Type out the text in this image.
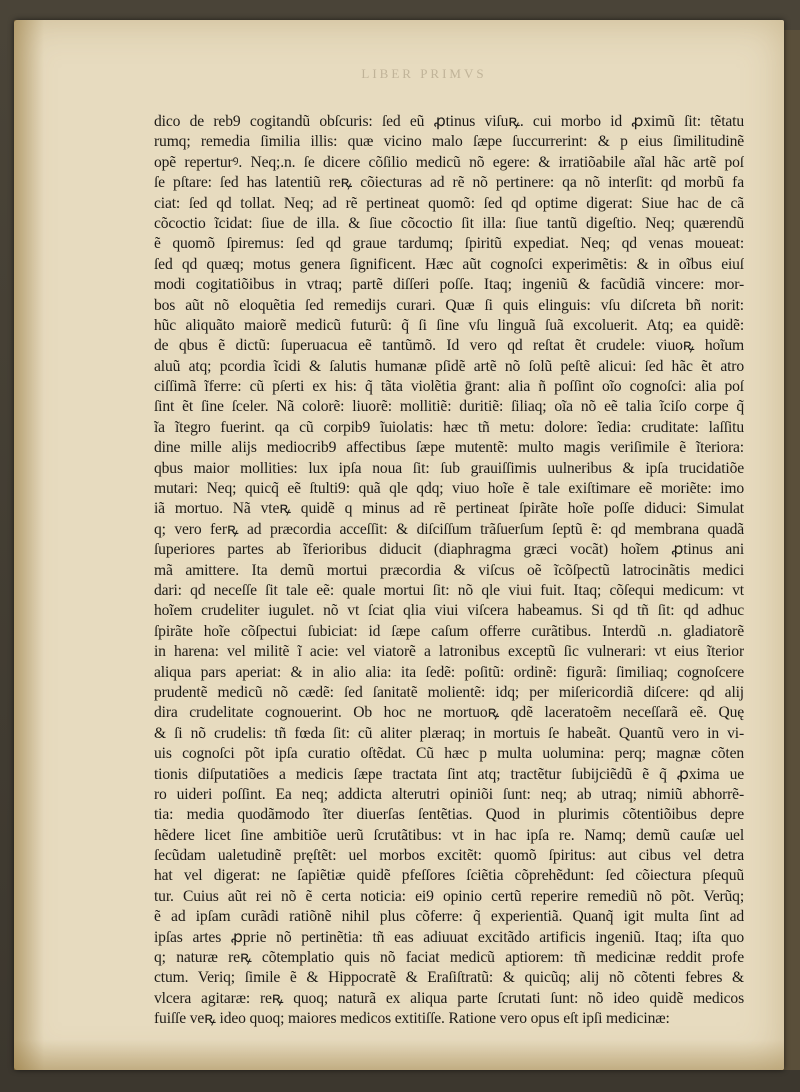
LIBER PRIMVS
dico de reb9 cogitandũ obſcuris: ſed eũ ꝓtinus viſuꝶ. cui morbo id ꝓximũ ſit: tẽtatu
rumq; remedia ſimilia illis: quæ vicino malo ſæpe ſuccurrerint: & p eius ſimilitudinẽ
opẽ reperturꝰ. Neq;.n. ſe dicere cõſilio medicũ nõ egere: & irratiõabile aĩal hãc artẽ poſ
ſe pſtare: ſed has latentiũ reꝶ cõiecturas ad rẽ nõ pertinere: qa nõ interſit: qd morbũ fa
ciat: ſed qd tollat. Neq; ad rẽ pertineat quomõ: ſed qd optime digerat: Siue hac de cã
cõcoctio ĩcidat: ſiue de illa. & ſiue cõcoctio ſit illa: ſiue tantũ digeſtio. Neq; quærendũ
ẽ quomõ ſpiremus: ſed qd graue tardumq; ſpiritũ expediat. Neq; qd venas moueat:
ſed qd quæq; motus genera ſignificent. Hæc aũt cognoſci experimẽtis: & in oĩbus eiuſ
modi cogitatiõibus in vtraq; partẽ diſſeri poſſe. Itaq; ingeniũ & facũdiã vincere: mor-
bos aũt nõ eloquẽtia ſed remedijs curari. Quæ ſi quis elinguis: vſu diſcreta bñ norit:
hũc aliquãto maiorẽ medicũ futurũ: q̃ ſi ſine vſu linguã ſuã excoluerit. Atq; ea quidẽ:
de qbus ẽ dictũ: ſuperuacua eẽ tantũmõ. Id vero qd reſtat ẽt crudele: viuoꝶ hoĩum
aluũ atq; pcordia ĩcidi & ſalutis humanæ pſidẽ artẽ nõ ſolũ peſtẽ alicui: ſed hãc ẽt atro
ciſſimã ĩferre: cũ pſerti ex his: q̃ tãta violẽtia ḡrant: alia ñ poſſint oĩo cognoſci: alia poſ
ſint ẽt ſine ſceler. Nã colorẽ: liuorẽ: mollitiẽ: duritiẽ: ſiliaq; oĩa nõ eẽ talia ĩciſo corpe q̃
ĩa ĩtegro fuerint. qa cũ corpib9 ĩuiolatis: hæc tñ metu: dolore: ĩedia: cruditate: laſſitu
dine mille alijs mediocrib9 affectibus ſæpe mutentẽ: multo magis veriſimile ẽ ĩteriora:
qbus maior mollities: lux ipſa noua ſit: ſub grauiſſimis uulneribus & ipſa trucidatiõe
mutari: Neq; quicq̃ eẽ ſtulti9: quã qle qdq; viuo hoĩe ẽ tale exiſtimare eẽ moriẽte: imo
iã mortuo. Nã vteꝶ quidẽ q minus ad rẽ pertineat ſpirãte hoĩe poſſe diduci: Simulat
q; vero ferꝶ ad præcordia acceſſit: & diſciſſum trãſuerſum ſeptũ ẽ: qd membrana quadã
ſuperiores partes ab ĩferioribus diducit (diaphragma græci vocãt) hoĩem ꝓtinus ani
mã amittere. Ita demũ mortui præcordia & viſcus oẽ ĩcõſpectũ latrocinãtis medici
dari: qd neceſſe ſit tale eẽ: quale mortui ſit: nõ qle viui fuit. Itaq; cõſequi medicum: vt
hoĩem crudeliter iugulet. nõ vt ſciat qlia viui viſcera habeamus. Si qd tñ ſit: qd adhuc
ſpirãte hoĩe cõſpectui ſubiciat: id ſæpe caſum offerre curãtibus. Interdũ .n. gladiatorẽ
in harena: vel militẽ ĩ acie: vel viatorẽ a latronibus exceptũ ſic vulnerari: vt eius ĩterior
aliqua pars aperiat: & in alio alia: ita ſedẽ: poſitũ: ordinẽ: figurã: ſimiliaq; cognoſcere
prudentẽ medicũ nõ cædẽ: ſed ſanitatẽ molientẽ: idq; per miſericordiã diſcere: qd alij
dira crudelitate cognouerint. Ob hoc ne mortuoꝶ qdẽ laceratoẽm neceſſarã eẽ. Quę
& ſi nõ crudelis: tñ fœda ſit: cũ aliter plæraq; in mortuis ſe habeãt. Quantũ vero in vi-
uis cognoſci põt ipſa curatio oſtẽdat. Cũ hæc p multa uolumina: perq; magnæ cõten
tionis diſputatiões a medicis ſæpe tractata ſint atq; tractẽtur ſubijciẽdũ ẽ q̃ ꝓxima ue
ro uideri poſſint. Ea neq; addicta alterutri opiniõi ſunt: neq; ab utraq; nimiũ abhorrẽ-
tia: media quodãmodo ĩter diuerſas ſentẽtias. Quod in plurimis cõtentiõibus depre
hẽdere licet ſine ambitiõe uerũ ſcrutãtibus: vt in hac ipſa re. Namq; demũ cauſæ uel
ſecũdam ualetudinẽ pręſtẽt: uel morbos excitẽt: quomõ ſpiritus: aut cibus vel detra
hat vel digerat: ne ſapiẽtiæ quidẽ pfeſſores ſciẽtia cõprehẽdunt: ſed cõiectura pſequũ
tur. Cuius aũt rei nõ ẽ certa noticia: ei9 opinio certũ reperire remediũ nõ põt. Verũq;
ẽ ad ipſam curãdi ratiõnẽ nihil plus cõferre: q̃ experientiã. Quanq̃ igit multa ſint ad
ipſas artes ꝓprie nõ pertinẽtia: tñ eas adiuuat excitãdo artificis ingeniũ. Itaq; iſta quo
q; naturæ reꝶ cõtemplatio quis nõ faciat medicũ aptiorem: tñ medicinæ reddit profe
ctum. Veriq; ſimile ẽ & Hippocratẽ & Eraſiſtratũ: & quicũq; alij nõ cõtenti febres &
vlcera agitaræ: reꝶ quoq; naturã ex aliqua parte ſcrutati ſunt: nõ ideo quidẽ medicos
fuiſſe veꝶ ideo quoq; maiores medicos extitiſſe. Ratione vero opus eſt ipſi medicinæ:
